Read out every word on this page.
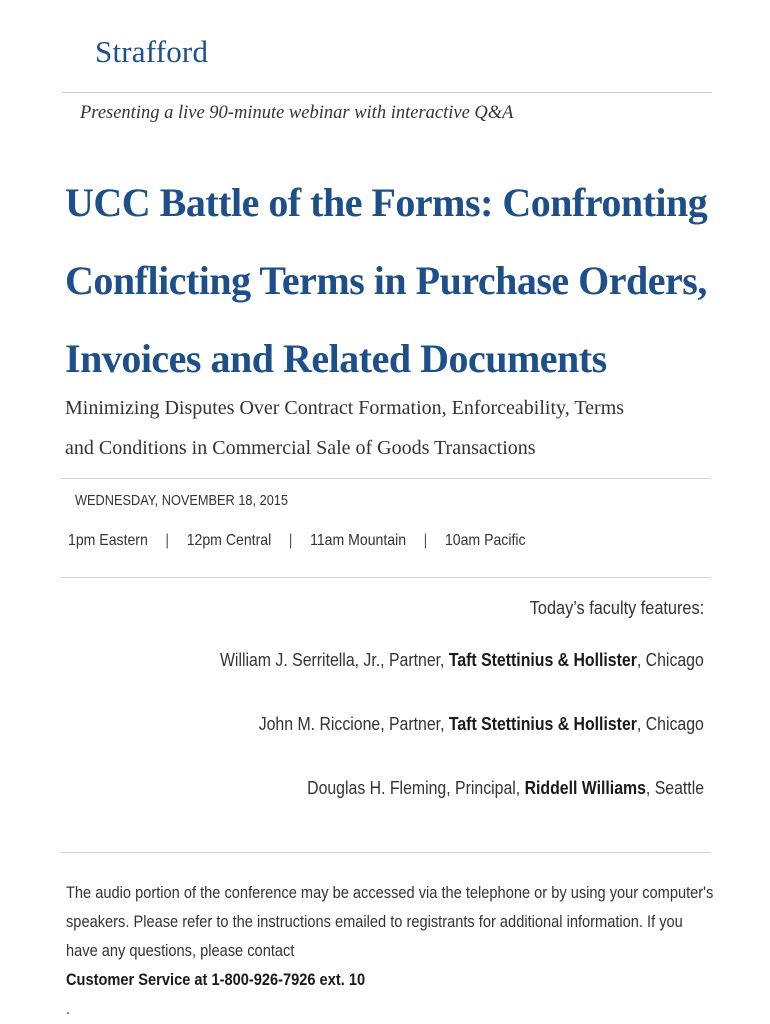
Strafford
Presenting a live 90-minute webinar with interactive Q&A
UCC Battle of the Forms: Confronting
Conflicting Terms in Purchase Orders,
Invoices and Related Documents
Minimizing Disputes Over Contract Formation, Enforceability, Terms
and Conditions in Commercial Sale of Goods Transactions
WEDNESDAY, NOVEMBER 18, 2015
1pm Eastern | 12pm Central | 11am Mountain | 10am Pacific
Today’s faculty features:
William J. Serritella, Jr., Partner, Taft Stettinius & Hollister, Chicago
John M. Riccione, Partner, Taft Stettinius & Hollister, Chicago
Douglas H. Fleming, Principal, Riddell Williams, Seattle
The audio portion of the conference may be accessed via the telephone or by using your computer's
speakers. Please refer to the instructions emailed to registrants for additional information. If you
have any questions, please contact
Customer Service at 1-800-926-7926 ext. 10
.
